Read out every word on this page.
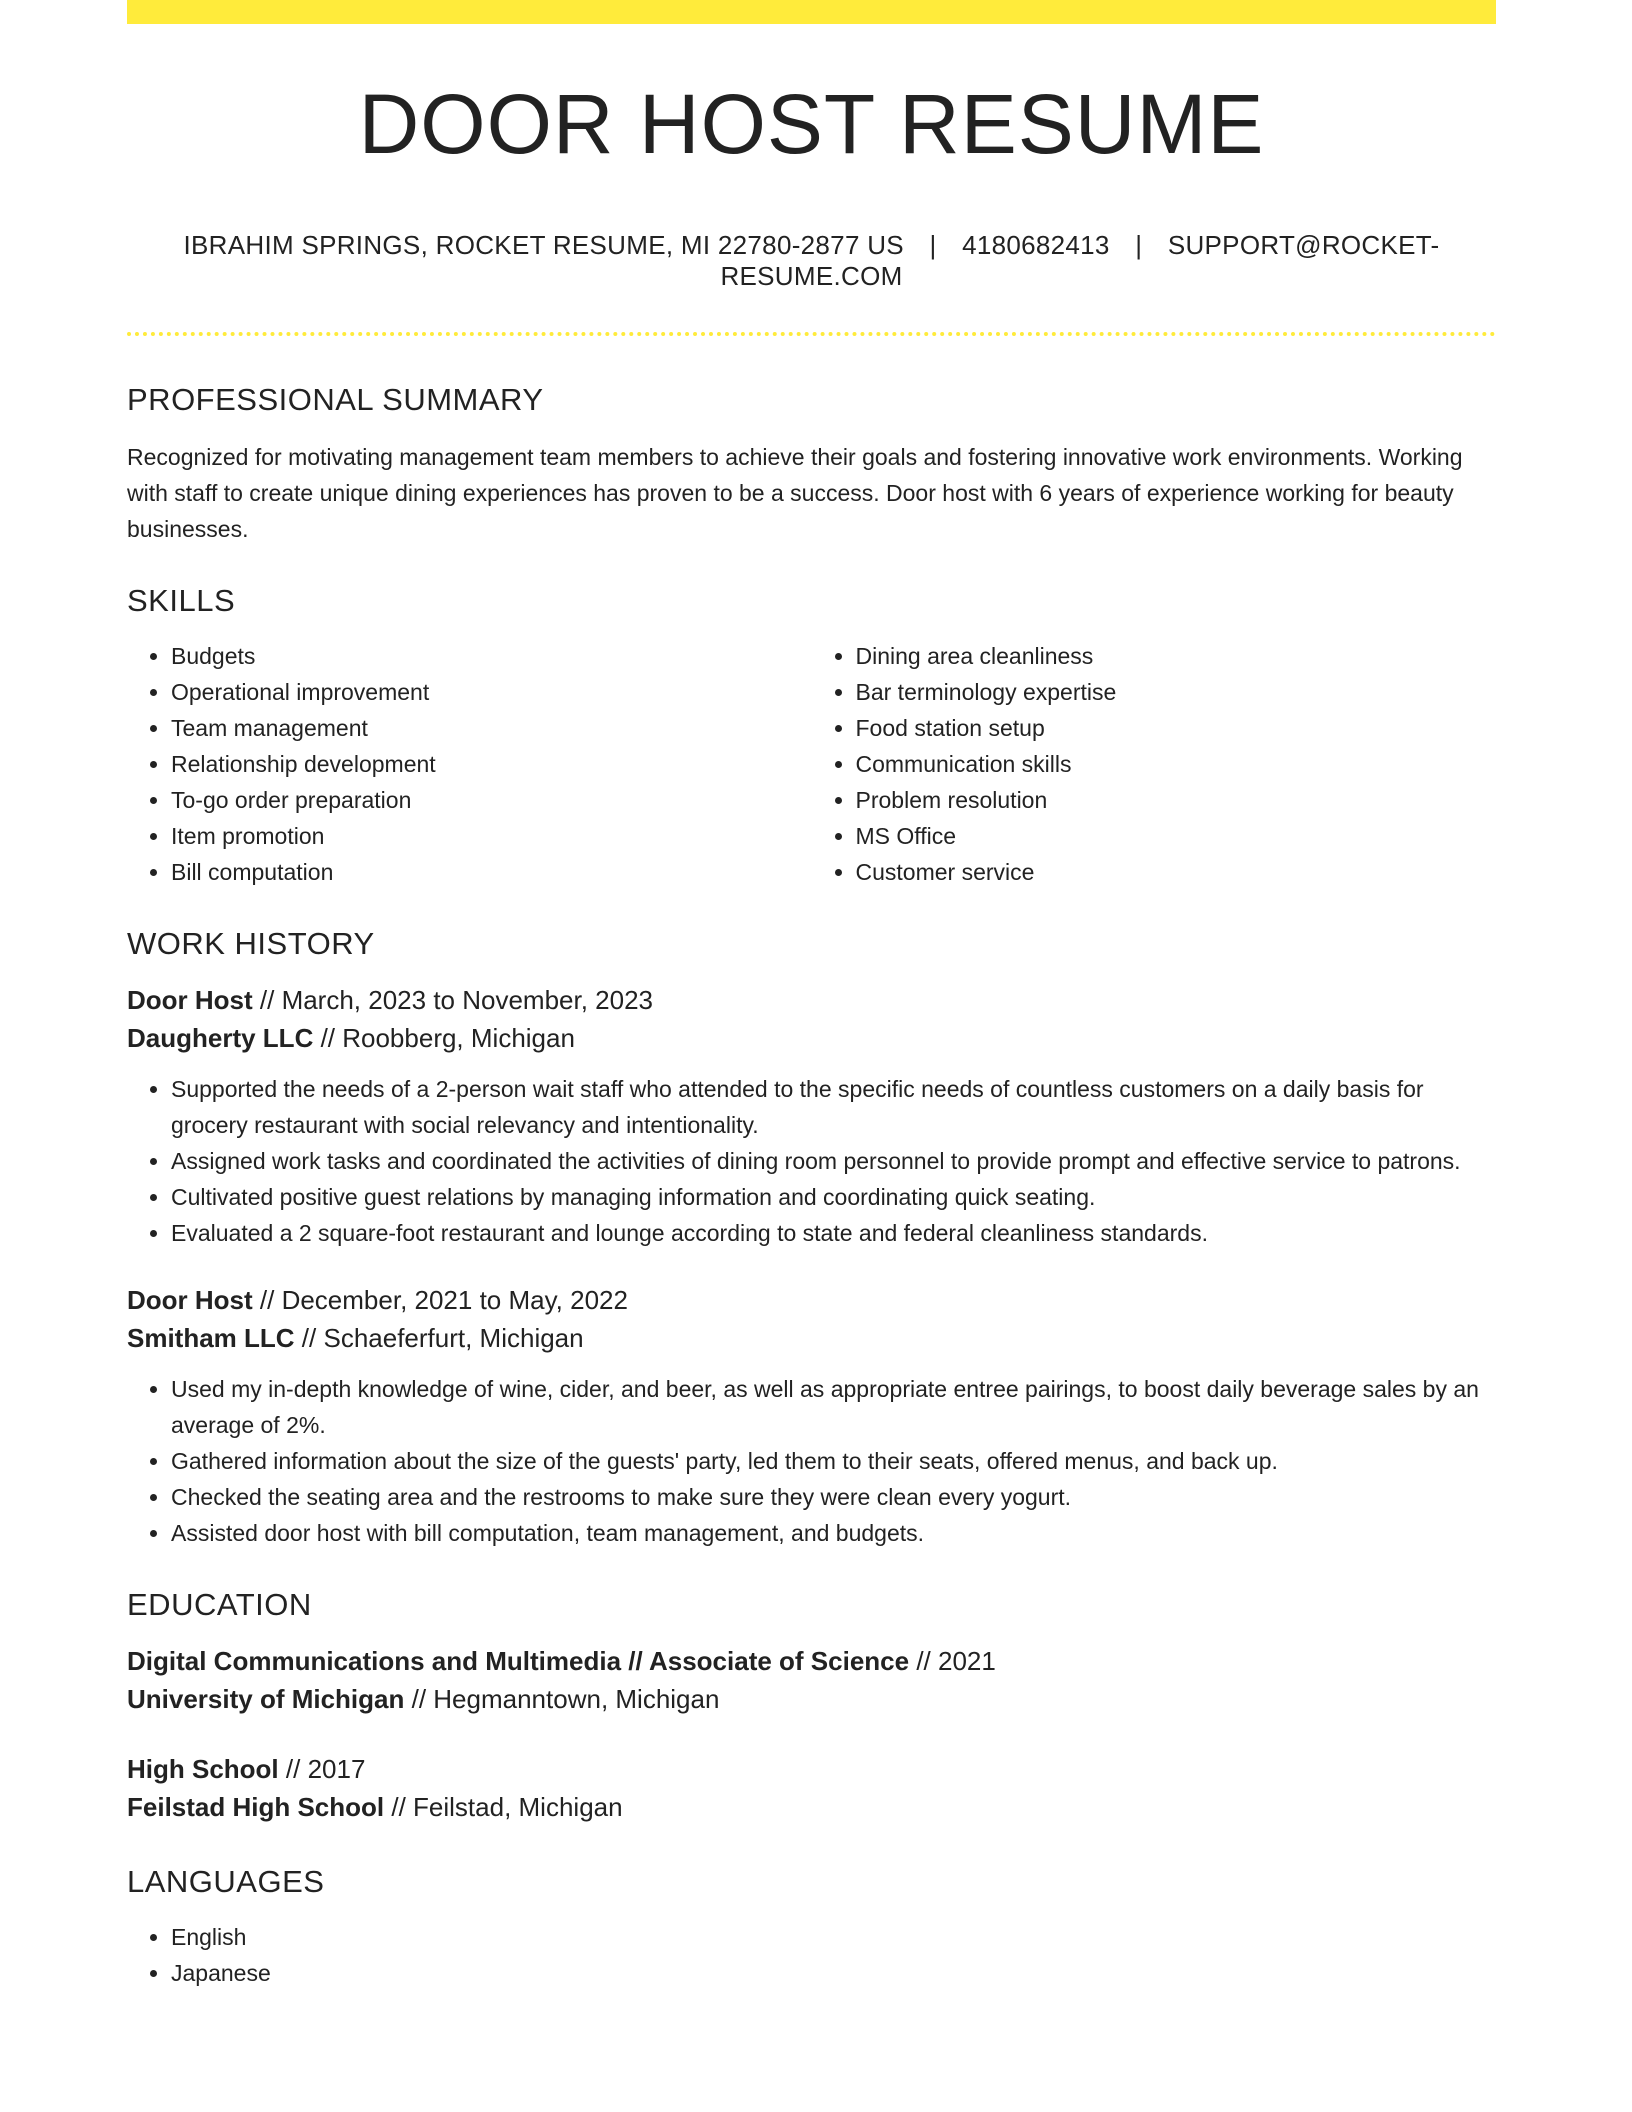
DOOR HOST RESUME
IBRAHIM SPRINGS, ROCKET RESUME, MI 22780-2877 US | 4180682413 | SUPPORT@ROCKET-RESUME.COM
PROFESSIONAL SUMMARY

Recognized for motivating management team members to achieve their goals and fostering innovative work environments. Working with staff to create unique dining experiences has proven to be a success. Door host with 6 years of experience working for beauty businesses.

SKILLS
• Budgets
• Operational improvement
• Team management
• Relationship development
• To-go order preparation
• Item promotion
• Bill computation
• Dining area cleanliness
• Bar terminology expertise
• Food station setup
• Communication skills
• Problem resolution
• MS Office
• Customer service
WORK HISTORY
Door Host // March, 2023 to November, 2023
Daugherty LLC // Roobberg, Michigan
• Supported the needs of a 2-person wait staff who attended to the specific needs of countless customers on a daily basis for grocery restaurant with social relevancy and intentionality.
• Assigned work tasks and coordinated the activities of dining room personnel to provide prompt and effective service to patrons.
• Cultivated positive guest relations by managing information and coordinating quick seating.
• Evaluated a 2 square-foot restaurant and lounge according to state and federal cleanliness standards.
Door Host // December, 2021 to May, 2022
Smitham LLC // Schaeferfurt, Michigan
• Used my in-depth knowledge of wine, cider, and beer, as well as appropriate entree pairings, to boost daily beverage sales by an average of 2%.
• Gathered information about the size of the guests' party, led them to their seats, offered menus, and back up.
• Checked the seating area and the restrooms to make sure they were clean every yogurt.
• Assisted door host with bill computation, team management, and budgets.
EDUCATION
Digital Communications and Multimedia // Associate of Science // 2021
University of Michigan // Hegmanntown, Michigan
High School // 2017
Feilstad High School // Feilstad, Michigan
LANGUAGES
• English
• Japanese
